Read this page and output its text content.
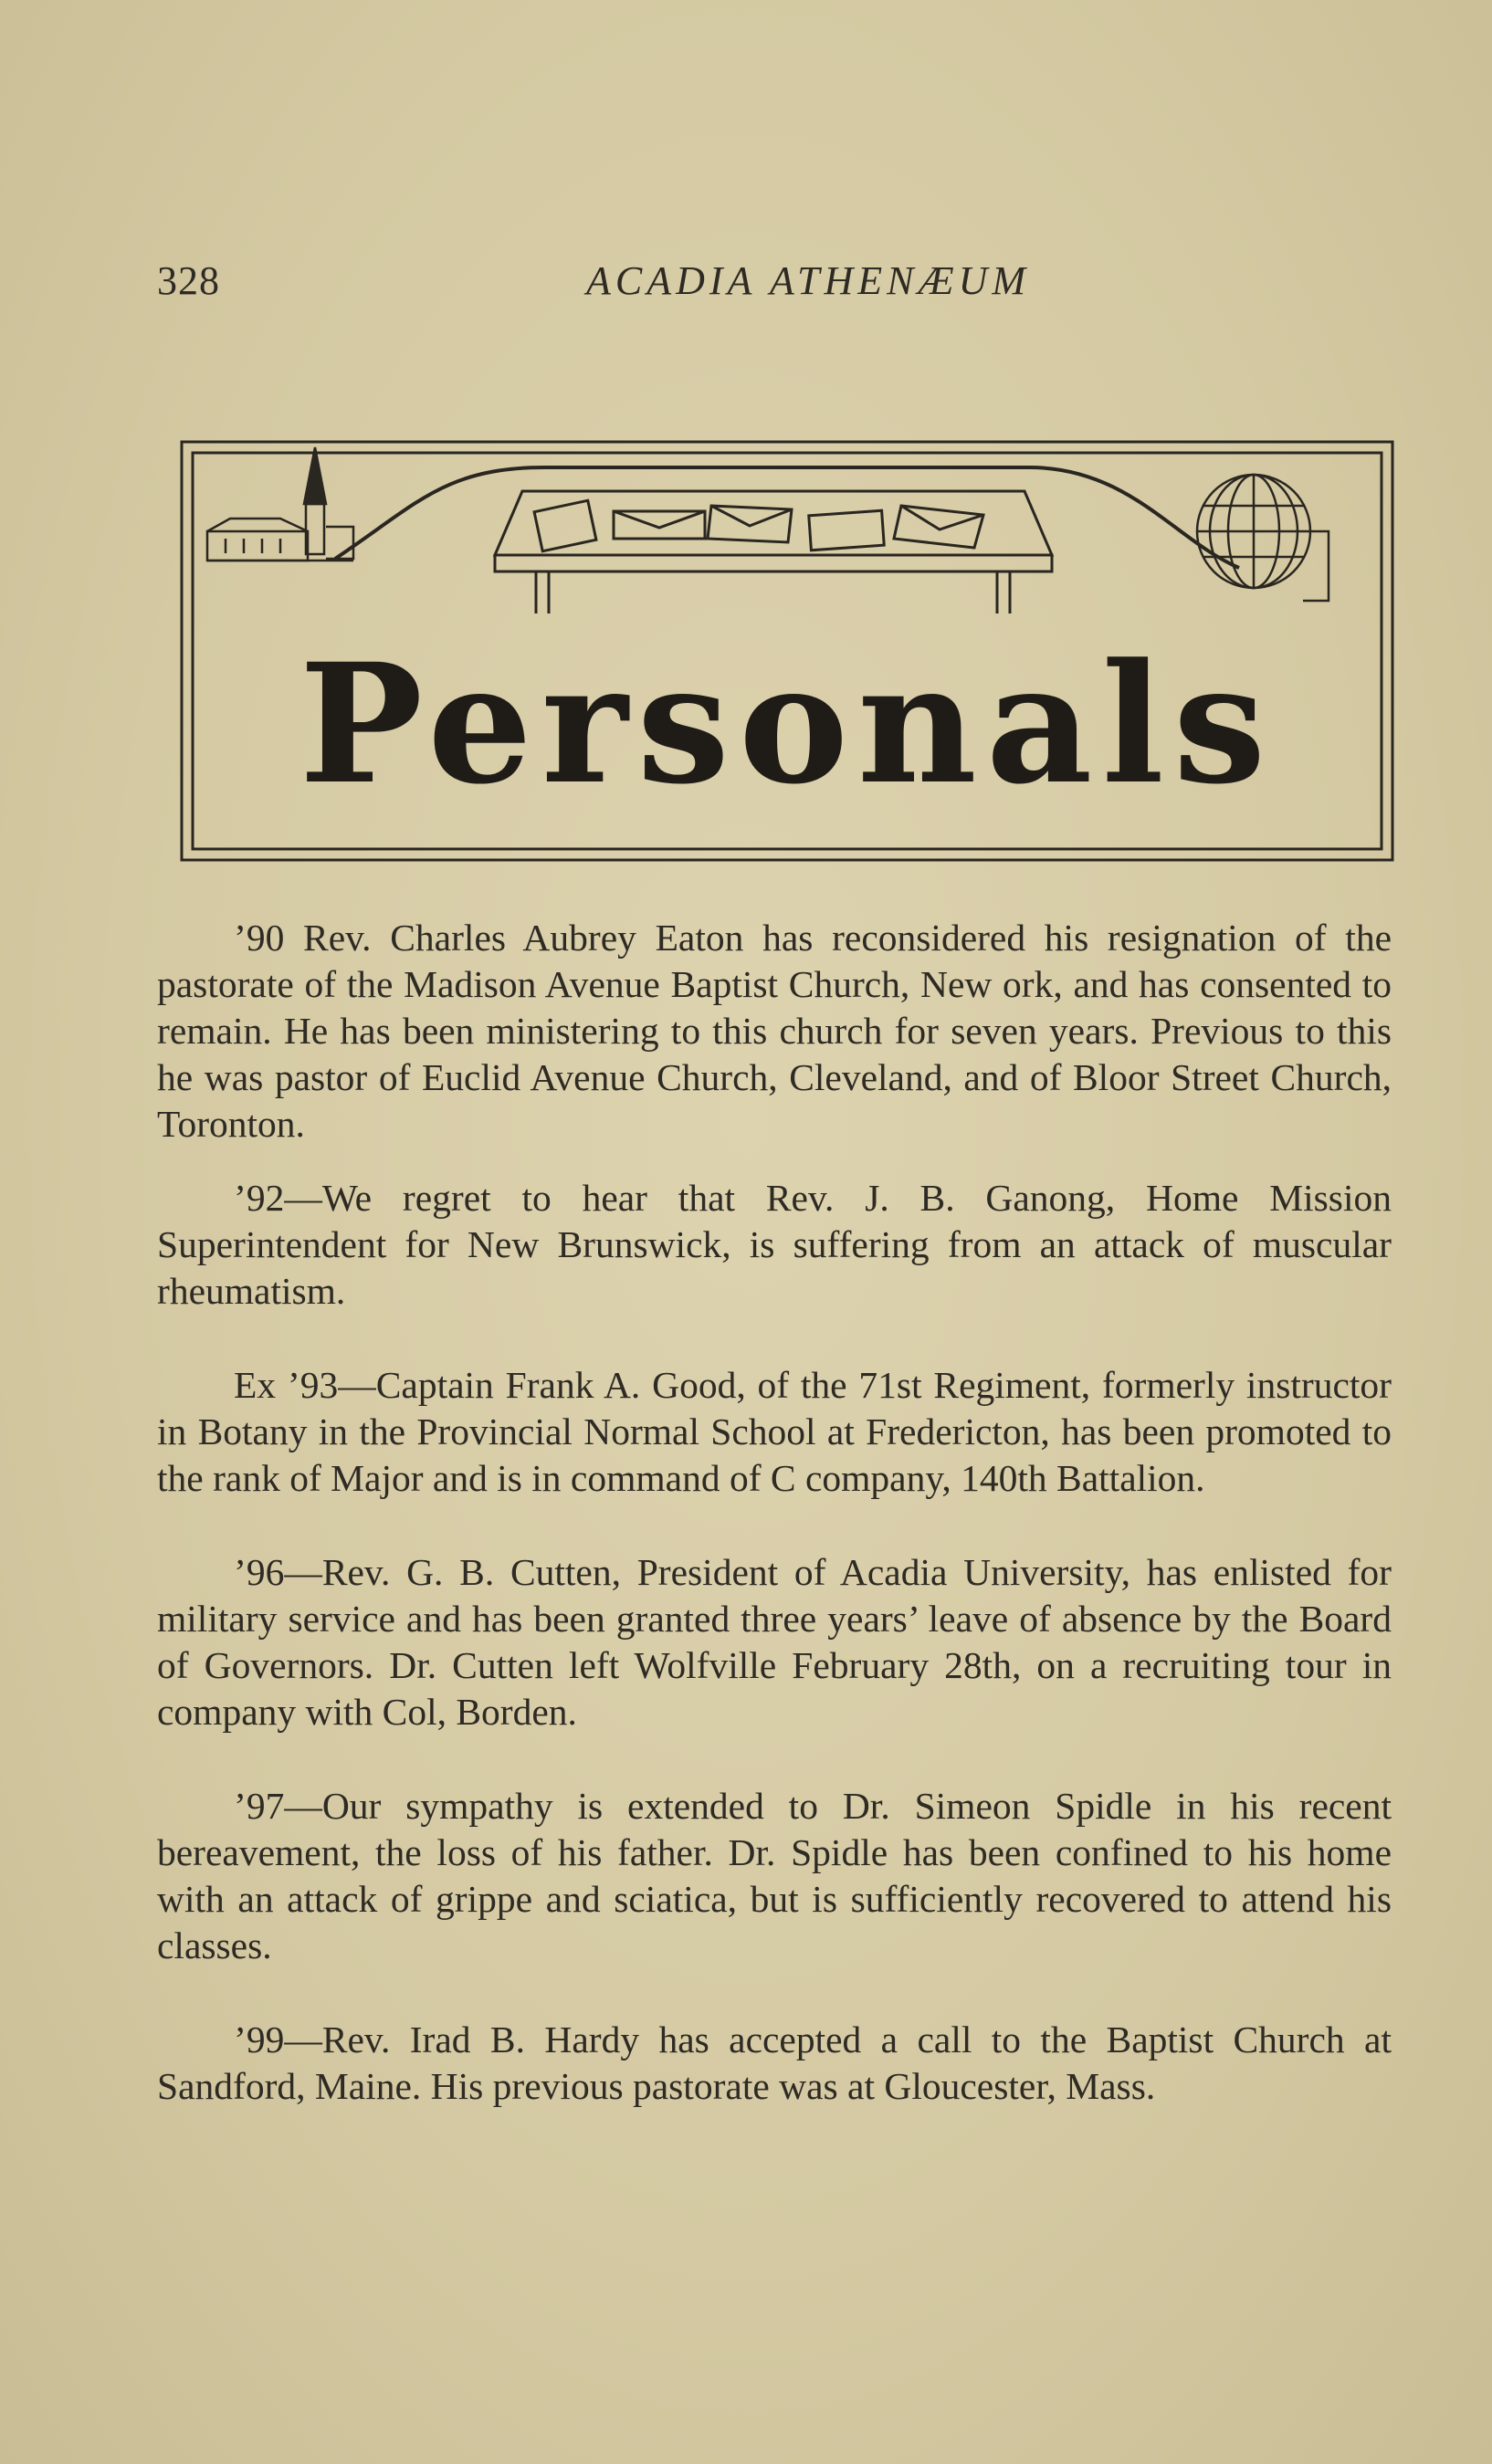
328	ACADIA ATHENÆUM
Personals

’90 Rev. Charles Aubrey Eaton has reconsidered his resignation of the pastorate of the Madison Avenue Baptist Church, New ork, and has consented to remain. He has been ministering to this church for seven years. Previous to this he was pastor of Euclid Avenue Church, Cleveland, and of Bloor Street Church, Toronton.

’92—We regret to hear that Rev. J. B. Ganong, Home Mission Superintendent for New Brunswick, is suffering from an attack of muscular rheumatism.

Ex ’93—Captain Frank A. Good, of the 71st Regiment, formerly instructor in Botany in the Provincial Normal School at Fredericton, has been promoted to the rank of Major and is in command of C company, 140th Battalion.

’96—Rev. G. B. Cutten, President of Acadia University, has enlisted for military service and has been granted three years’ leave of absence by the Board of Governors. Dr. Cutten left Wolfville February 28th, on a recruiting tour in company with Col, Borden.

’97—Our sympathy is extended to Dr. Simeon Spidle in his recent bereavement, the loss of his father. Dr. Spidle has been confined to his home with an attack of grippe and sciatica, but is sufficiently recovered to attend his classes.

’99—Rev. Irad B. Hardy has accepted a call to the Baptist Church at Sandford, Maine. His previous pastorate was at Gloucester, Mass.
